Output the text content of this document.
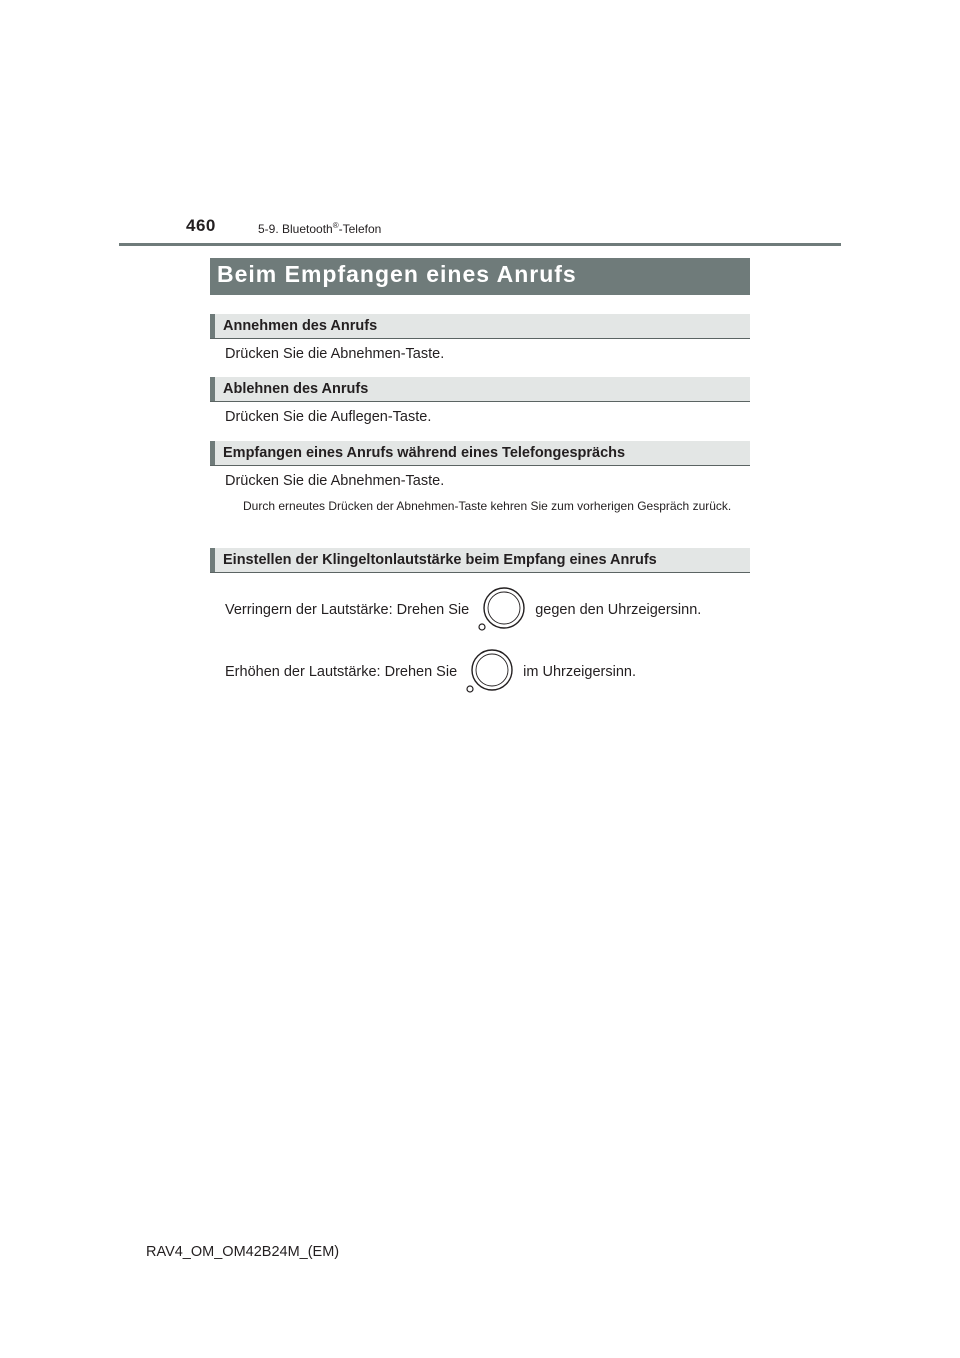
460	5-9. Bluetooth®-Telefon
Beim Empfangen eines Anrufs
Annehmen des Anrufs
Drücken Sie die Abnehmen-Taste.
Ablehnen des Anrufs
Drücken Sie die Auflegen-Taste.
Empfangen eines Anrufs während eines Telefongesprächs
Drücken Sie die Abnehmen-Taste.
Durch erneutes Drücken der Abnehmen-Taste kehren Sie zum vorherigen Gespräch zurück.
Einstellen der Klingeltonlautstärke beim Empfang eines Anrufs
Verringern der Lautstärke: Drehen Sie	gegen den Uhrzeigersinn.
Erhöhen der Lautstärke: Drehen Sie	im Uhrzeigersinn.
RAV4_OM_OM42B24M_(EM)
